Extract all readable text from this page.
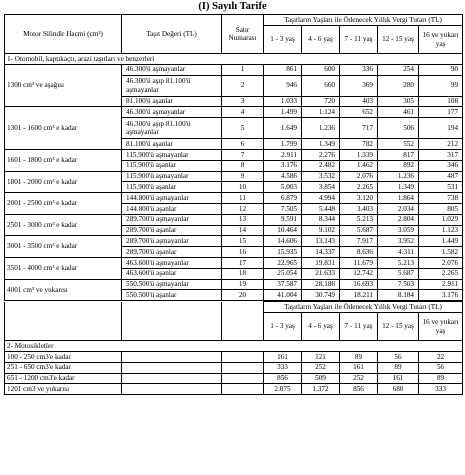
(I) Sayılı Tarife
Motor Silindir Hacmi (cm³)	Taşıt Değeri (TL)	Satır Numarası	Taşıtların Yaşları ile Ödenecek Yıllık Vergi Tutarı (TL)				
			1 - 3 yaş	4 - 6 yaş	7 - 11 yaş	12 - 15 yaş	16 ve yukarı yaş
1- Otomobil, kaptıkaçtı, arazi taşıtları ve benzerleri							
1300 cm³ ve aşağısı	46.300'ü aşmayanlar	1	861	600	336	254	90
	46.300'ü aşıp 81.100'ü aşmayanlar	2	946	660	369	280	99
	81.100'ü aşanlar	3	1.033	720	403	305	108
1301 - 1600 cm³ e kadar	46.300'ü aşmayanlar	4	1.499	1.124	652	461	177
	46.300'ü aşıp 81.100'ü aşmayanlar	5	1.649	1.236	717	506	194
	81.100'ü aşanlar	6	1.799	1.349	782	552	212
1601 - 1800 cm³ e kadar	115.900'ü aşmayanlar	7	2.911	2.276	1.339	817	317
	115.900'ü aşanlar	8	3.176	2.482	1.462	892	346
1801 - 2000 cm³ e kadar	115.900'ü aşmayanlar	9	4.586	3.532	2.076	1.236	487
	115.900'ü aşanlar	10	5.003	3.854	2.265	1.349	531
2001 - 2500 cm³ e kadar	144.800'ü aşmayanlar	11	6.879	4.994	3.120	1.864	738
	144.800'ü aşanlar	12	7.505	5.448	3.403	2.034	805
2501 - 3000 cm³ e kadar	289.700'ü aşmayanlar	13	9.591	8.344	5.213	2.804	1.029
	289.700'ü aşanlar	14	10.464	9.102	5.687	3.059	1.123
3001 - 3500 cm³ e kadar	289.700'ü aşmayanlar	15	14.606	13.143	7.917	3.952	1.449
	289.700'ü aşanlar	16	15.935	14.337	8.636	4.311	1.582
3501 - 4000 cm³ e kadar	463.600'ü aşmayanlar	17	22.965	19.831	11.679	5.213	2.076
	463.600'ü aşanlar	18	25.054	21.633	12.742	5.687	2.265
4001 cm³ ve yukarısı	550.500'ü aşmayanlar	19	37.587	28.186	16.693	7.503	2.911
	550.500'ü aşanlar	20	41.004	30.749	18.211	8.184	3.176
			Taşıtların Yaşları ile Ödenecek Yıllık Vergi Tutarı (TL)				
			1 - 3 yaş	4 - 6 yaş	7 - 11 yaş	12 - 15 yaş	16 ve yukarı yaş
2- Motosikletler							
100 - 250 cm3'e kadar			161	121	89	56	22
251 - 650 cm3'e kadar			333	252	161	89	56
651 - 1200 cm3'e kadar			856	509	252	161	89
1201 cm3 ve yukarısı			2.075	1.372	856	680	333
